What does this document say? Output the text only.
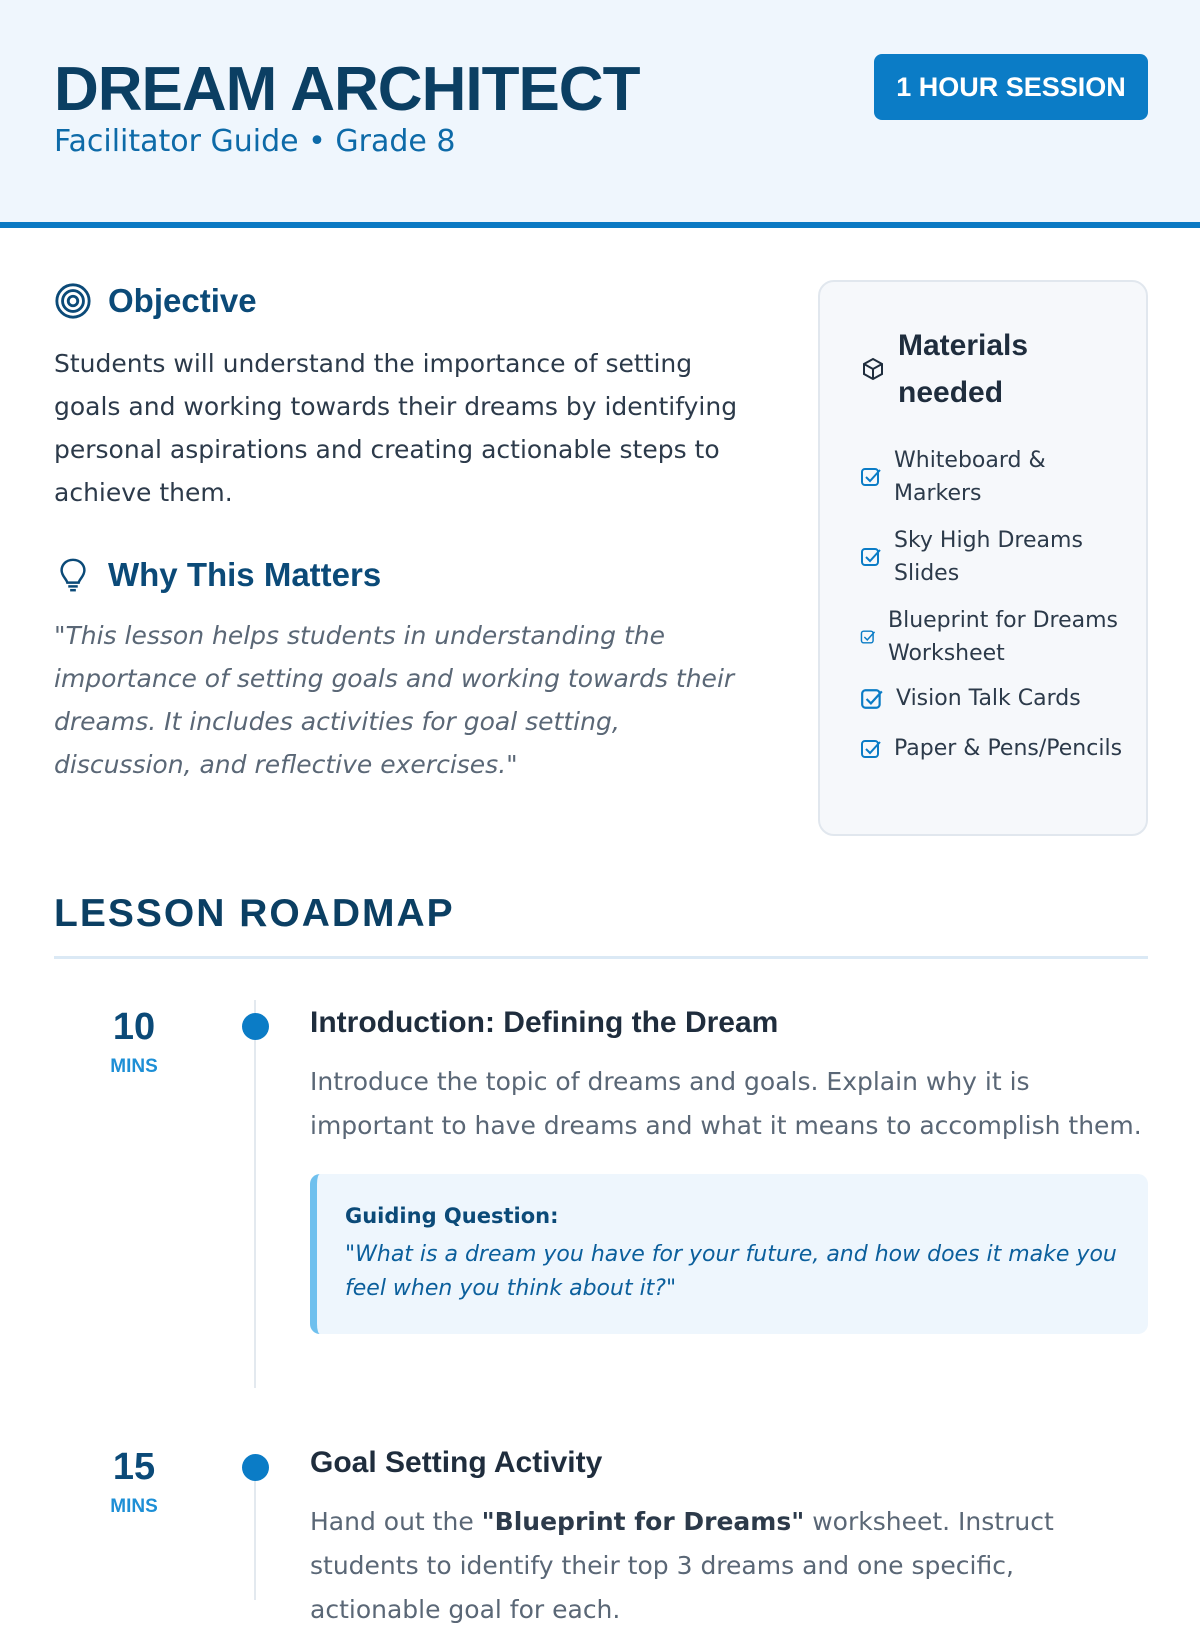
DREAM ARCHITECT
Facilitator Guide • Grade 8
1 HOUR SESSION
Objective
Students will understand the importance of setting goals and working towards their dreams by identifying personal aspirations and creating actionable steps to achieve them.
Why This Matters
"This lesson helps students in understanding the importance of setting goals and working towards their dreams. It includes activities for goal setting, discussion, and reflective exercises."
Materials needed
Whiteboard & Markers
Sky High Dreams Slides
Blueprint for Dreams Worksheet
Vision Talk Cards
Paper & Pens/Pencils
LESSON ROADMAP
10
MINS
Introduction: Defining the Dream
Introduce the topic of dreams and goals. Explain why it is important to have dreams and what it means to accomplish them.
Guiding Question:
"What is a dream you have for your future, and how does it make you feel when you think about it?"
15
MINS
Goal Setting Activity
Hand out the "Blueprint for Dreams" worksheet. Instruct students to identify their top 3 dreams and one specific, actionable goal for each.
